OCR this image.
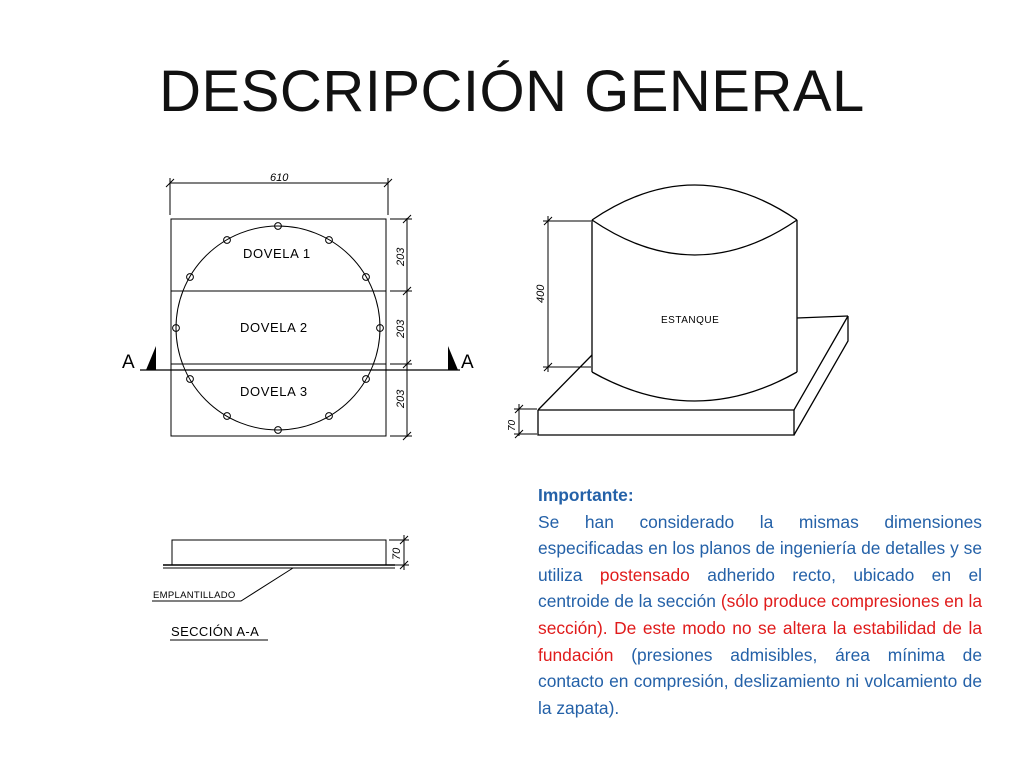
DESCRIPCIÓN GENERAL
610
DOVELA 1
DOVELA 2
DOVELA 3
203
203
203
A	A
ESTANQUE
400
70
70
EMPLANTILLADO
SECCIÓN A-A
Importante:
Se han considerado la mismas dimensiones especificadas en los planos de ingeniería de detalles y se utiliza postensado adherido recto, ubicado en el centroide de la sección (sólo produce compresiones en la sección). De este modo no se altera la estabilidad de la fundación (presiones admisibles, área mínima de contacto en compresión, deslizamiento ni volcamiento de la zapata).
